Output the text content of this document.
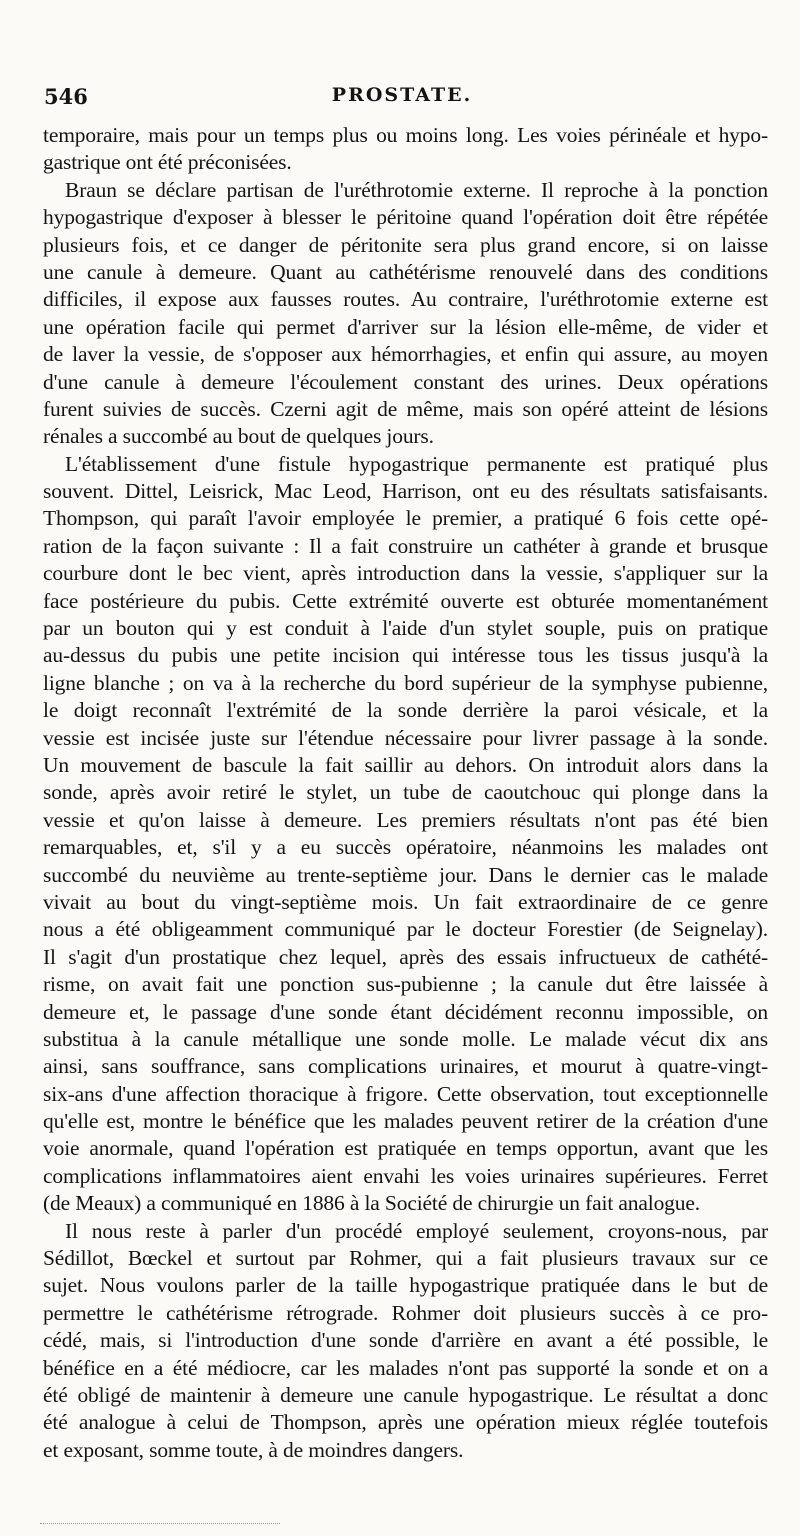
546	PROSTATE.
temporaire, mais pour un temps plus ou moins long. Les voies périnéale et hypo-
gastrique ont été préconisées.
Braun se déclare partisan de l'uréthrotomie externe. Il reproche à la ponction
hypogastrique d'exposer à blesser le péritoine quand l'opération doit être répétée
plusieurs fois, et ce danger de péritonite sera plus grand encore, si on laisse
une canule à demeure. Quant au cathétérisme renouvelé dans des conditions
difficiles, il expose aux fausses routes. Au contraire, l'uréthrotomie externe est
une opération facile qui permet d'arriver sur la lésion elle-même, de vider et
de laver la vessie, de s'opposer aux hémorrhagies, et enfin qui assure, au moyen
d'une canule à demeure l'écoulement constant des urines. Deux opérations
furent suivies de succès. Czerni agit de même, mais son opéré atteint de lésions
rénales a succombé au bout de quelques jours.
L'établissement d'une fistule hypogastrique permanente est pratiqué plus
souvent. Dittel, Leisrick, Mac Leod, Harrison, ont eu des résultats satisfaisants.
Thompson, qui paraît l'avoir employée le premier, a pratiqué 6 fois cette opé-
ration de la façon suivante : Il a fait construire un cathéter à grande et brusque
courbure dont le bec vient, après introduction dans la vessie, s'appliquer sur la
face postérieure du pubis. Cette extrémité ouverte est obturée momentanément
par un bouton qui y est conduit à l'aide d'un stylet souple, puis on pratique
au-dessus du pubis une petite incision qui intéresse tous les tissus jusqu'à la
ligne blanche ; on va à la recherche du bord supérieur de la symphyse pubienne,
le doigt reconnaît l'extrémité de la sonde derrière la paroi vésicale, et la
vessie est incisée juste sur l'étendue nécessaire pour livrer passage à la sonde.
Un mouvement de bascule la fait saillir au dehors. On introduit alors dans la
sonde, après avoir retiré le stylet, un tube de caoutchouc qui plonge dans la
vessie et qu'on laisse à demeure. Les premiers résultats n'ont pas été bien
remarquables, et, s'il y a eu succès opératoire, néanmoins les malades ont
succombé du neuvième au trente-septième jour. Dans le dernier cas le malade
vivait au bout du vingt-septième mois. Un fait extraordinaire de ce genre
nous a été obligeamment communiqué par le docteur Forestier (de Seignelay).
Il s'agit d'un prostatique chez lequel, après des essais infructueux de cathété-
risme, on avait fait une ponction sus-pubienne ; la canule dut être laissée à
demeure et, le passage d'une sonde étant décidément reconnu impossible, on
substitua à la canule métallique une sonde molle. Le malade vécut dix ans
ainsi, sans souffrance, sans complications urinaires, et mourut à quatre-vingt-
six-ans d'une affection thoracique à frigore. Cette observation, tout exceptionnelle
qu'elle est, montre le bénéfice que les malades peuvent retirer de la création d'une
voie anormale, quand l'opération est pratiquée en temps opportun, avant que les
complications inflammatoires aient envahi les voies urinaires supérieures. Ferret
(de Meaux) a communiqué en 1886 à la Société de chirurgie un fait analogue.
Il nous reste à parler d'un procédé employé seulement, croyons-nous, par
Sédillot, Bœckel et surtout par Rohmer, qui a fait plusieurs travaux sur ce
sujet. Nous voulons parler de la taille hypogastrique pratiquée dans le but de
permettre le cathétérisme rétrograde. Rohmer doit plusieurs succès à ce pro-
cédé, mais, si l'introduction d'une sonde d'arrière en avant a été possible, le
bénéfice en a été médiocre, car les malades n'ont pas supporté la sonde et on a
été obligé de maintenir à demeure une canule hypogastrique. Le résultat a donc
été analogue à celui de Thompson, après une opération mieux réglée toutefois
et exposant, somme toute, à de moindres dangers.
